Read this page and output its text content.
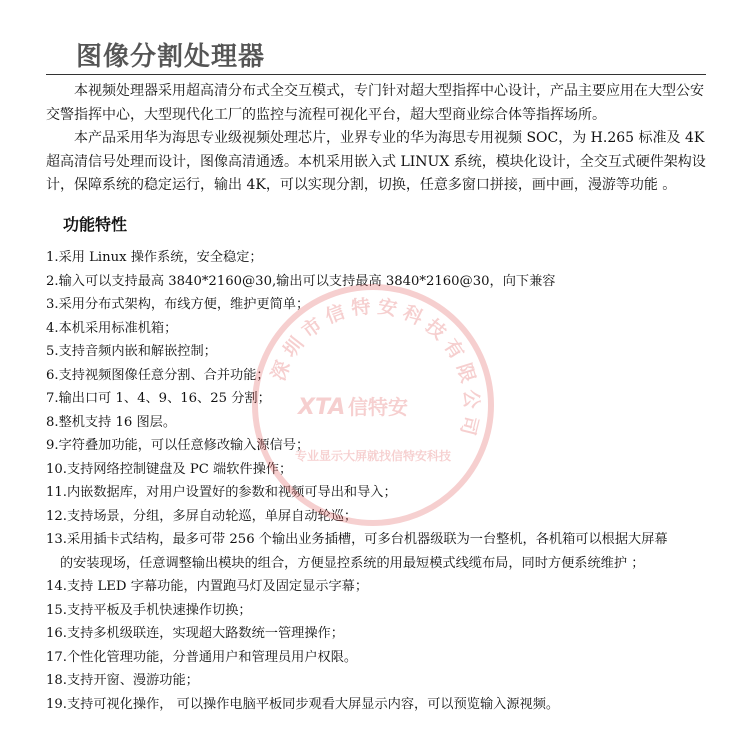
图像分割处理器

本视频处理器采用超高清分布式全交互模式，专门针对超大型指挥中心设计，产品主要应用在大型公安交警指挥中心，大型现代化工厂的监控与流程可视化平台，超大型商业综合体等指挥场所。

本产品采用华为海思专业级视频处理芯片，业界专业的华为海思专用视频 SOC，为 H.265 标准及 4K 超高清信号处理而设计，图像高清通透。本机采用嵌入式 LINUX 系统，模块化设计，全交互式硬件架构设计，保障系统的稳定运行，输出 4K，可以实现分割，切换，任意多窗口拼接，画中画，漫游等功能 。

功能特性
1.采用 Linux 操作系统，安全稳定；
2.输入可以支持最高 3840*2160@30,输出可以支持最高 3840*2160@30，向下兼容
3.采用分布式架构，布线方便，维护更简单；
4.本机采用标准机箱；
5.支持音频内嵌和解嵌控制；
6.支持视频图像任意分割、合并功能；
7.输出口可 1、4、9、16、25 分割；
8.整机支持 16 图层。
9.字符叠加功能，可以任意修改输入源信号；
10.支持网络控制键盘及 PC 端软件操作；
11.内嵌数据库，对用户设置好的参数和视频可导出和导入；
12.支持场景，分组，多屏自动轮巡，单屏自动轮巡；
13.采用插卡式结构，最多可带 256 个输出业务插槽，可多台机器级联为一台整机，各机箱可以根据大屏幕
的安装现场，任意调整输出模块的组合，方便显控系统的用最短模式线缆布局，同时方便系统维护 ；
14.支持 LED 字幕功能，内置跑马灯及固定显示字幕；
15.支持平板及手机快速操作切换；
16.支持多机级联连，实现超大路数统一管理操作；
17.个性化管理功能，分普通用户和管理员用户权限。
18.支持开窗、漫游功能；
19.支持可视化操作， 可以操作电脑平板同步观看大屏显示内容，可以预览输入源视频。
深圳市信特安科技有限公司
XTA 信特安
专业显示大屏就找信特安科技
